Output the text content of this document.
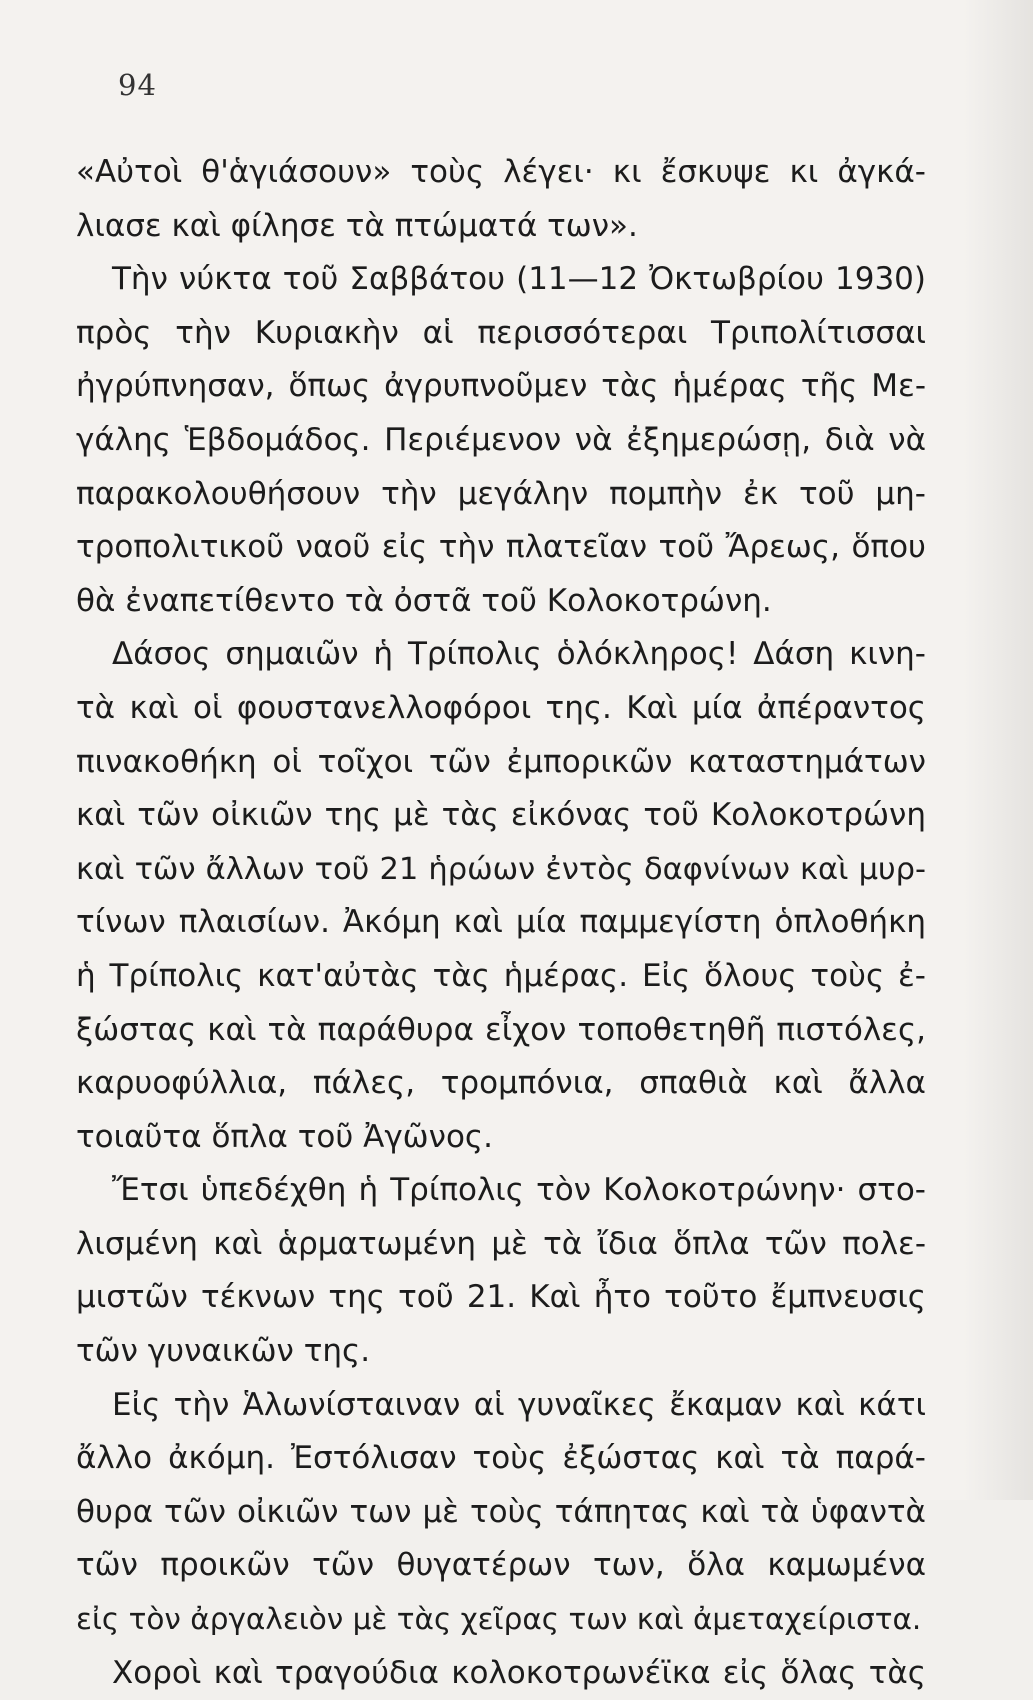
94
«Αὐτοὶ θ'ἁγιάσουν» τοὺς λέγει· κι ἔσκυψε κι ἀγκά-
λιασε καὶ φίλησε τὰ πτώματά των».
Τὴν νύκτα τοῦ Σαββάτου (11—12 Ὀκτωβρίου 1930)
πρὸς τὴν Κυριακὴν αἱ περισσότεραι Τριπολίτισσαι
ἠγρύπνησαν, ὅπως ἀγρυπνοῦμεν τὰς ἡμέρας τῆς Με-
γάλης Ἑβδομάδος. Περιέμενον νὰ ἐξημερώσῃ, διὰ νὰ
παρακολουθήσουν τὴν μεγάλην πομπὴν ἐκ τοῦ μη-
τροπολιτικοῦ ναοῦ εἰς τὴν πλατεῖαν τοῦ Ἄρεως, ὅπου
θὰ ἐναπετίθεντο τὰ ὀστᾶ τοῦ Κολοκοτρώνη.
Δάσος σημαιῶν ἡ Τρίπολις ὁλόκληρος! Δάση κινη-
τὰ καὶ οἱ φουστανελλοφόροι της. Καὶ μία ἀπέραντος
πινακοθήκη οἱ τοῖχοι τῶν ἐμπορικῶν καταστημάτων
καὶ τῶν οἰκιῶν της μὲ τὰς εἰκόνας τοῦ Κολοκοτρώνη
καὶ τῶν ἄλλων τοῦ 21 ἡρώων ἐντὸς δαφνίνων καὶ μυρ-
τίνων πλαισίων. Ἀκόμη καὶ μία παμμεγίστη ὁπλοθήκη
ἡ Τρίπολις κατ'αὐτὰς τὰς ἡμέρας. Εἰς ὅλους τοὺς ἐ-
ξώστας καὶ τὰ παράθυρα εἶχον τοποθετηθῆ πιστόλες,
καρυοφύλλια, πάλες, τρομπόνια, σπαθιὰ καὶ ἄλλα
τοιαῦτα ὅπλα τοῦ Ἀγῶνος.
Ἔτσι ὑπεδέχθη ἡ Τρίπολις τὸν Κολοκοτρώνην· στο-
λισμένη καὶ ἁρματωμένη μὲ τὰ ἴδια ὅπλα τῶν πολε-
μιστῶν τέκνων της τοῦ 21. Καὶ ἦτο τοῦτο ἔμπνευσις
τῶν γυναικῶν της.
Εἰς τὴν Ἁλωνίσταιναν αἱ γυναῖκες ἔκαμαν καὶ κάτι
ἄλλο ἀκόμη. Ἐστόλισαν τοὺς ἐξώστας καὶ τὰ παρά-
θυρα τῶν οἰκιῶν των μὲ τοὺς τάπητας καὶ τὰ ὑφαντὰ
τῶν προικῶν τῶν θυγατέρων των, ὅλα καμωμένα
εἰς τὸν ἀργαλειὸν μὲ τὰς χεῖρας των καὶ ἀμεταχείριστα.
Χοροὶ καὶ τραγούδια κολοκοτρωνέϊκα εἰς ὅλας τὰς
